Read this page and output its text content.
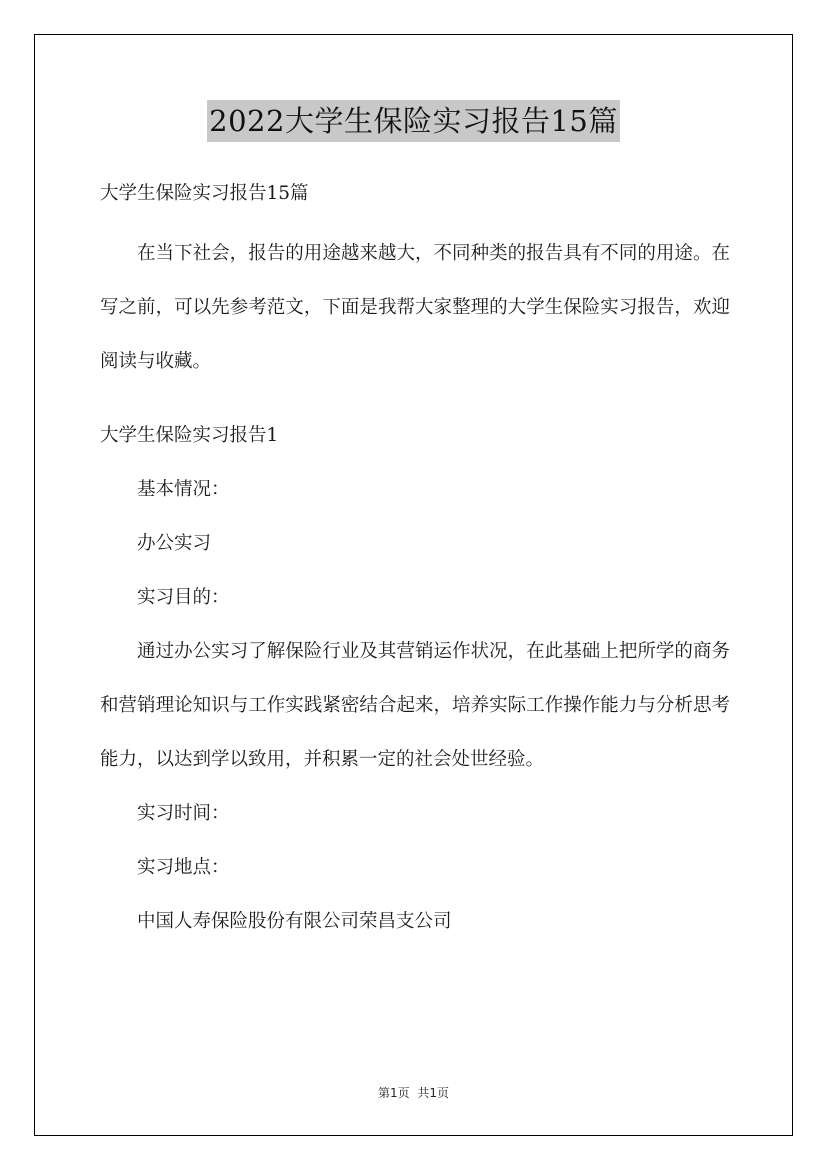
2022大学生保险实习报告15篇

大学生保险实习报告15篇

在当下社会，报告的用途越来越大，不同种类的报告具有不同的用途。在写之前，可以先参考范文，下面是我帮大家整理的大学生保险实习报告，欢迎阅读与收藏。

大学生保险实习报告1

基本情况：

办公实习

实习目的：

通过办公实习了解保险行业及其营销运作状况，在此基础上把所学的商务和营销理论知识与工作实践紧密结合起来，培养实际工作操作能力与分析思考能力，以达到学以致用，并积累一定的社会处世经验。

实习时间：

实习地点：

中国人寿保险股份有限公司荣昌支公司

第1页 共1页
